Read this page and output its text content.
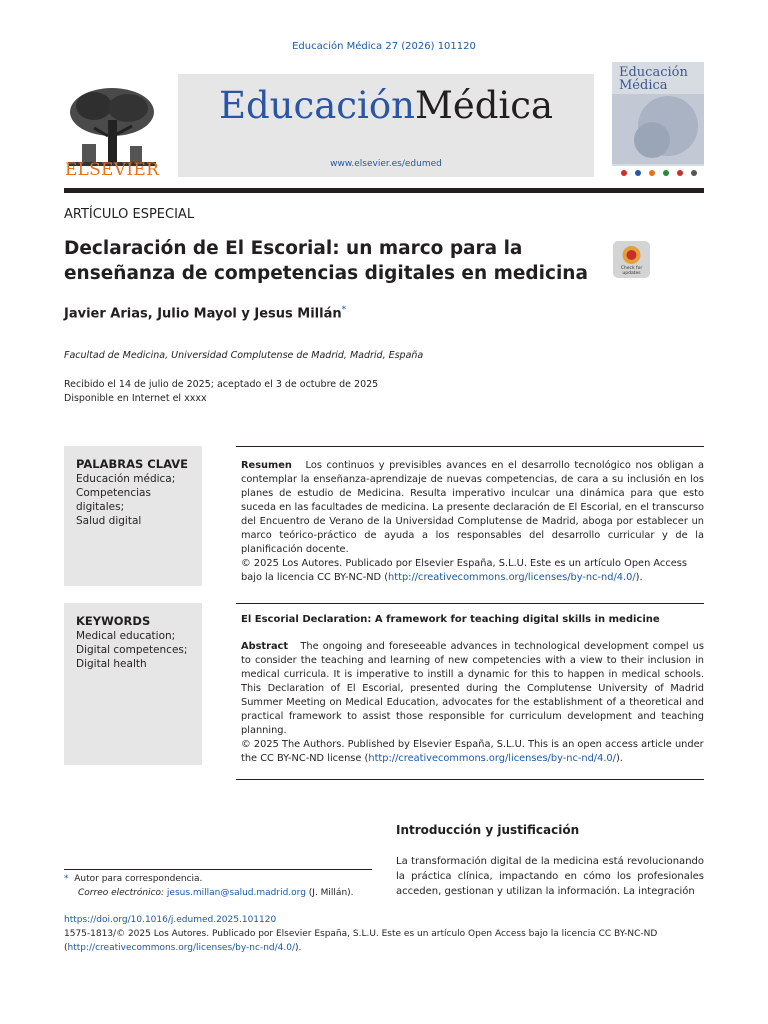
Educación Médica 27 (2026) 101120
ELSEVIER
EducaciónMédica
www.elsevier.es/edumed
Educación
Médica
ARTÍCULO ESPECIAL
Declaración de El Escorial: un marco para la enseñanza de competencias digitales en medicina	Check for updates
Javier Arias, Julio Mayol y Jesus Millán*
Facultad de Medicina, Universidad Complutense de Madrid, Madrid, España
Recibido el 14 de julio de 2025; aceptado el 3 de octubre de 2025
Disponible en Internet el xxxx
PALABRAS CLAVE
Educación médica;
Competencias
digitales;
Salud digital
Resumen Los continuos y previsibles avances en el desarrollo tecnológico nos obligan a contemplar la enseñanza-aprendizaje de nuevas competencias, de cara a su inclusión en los planes de estudio de Medicina. Resulta imperativo inculcar una dinámica para que esto suceda en las facultades de medicina. La presente declaración de El Escorial, en el transcurso del Encuentro de Verano de la Universidad Complutense de Madrid, aboga por establecer un marco teórico-práctico de ayuda a los responsables del desarrollo curricular y de la planificación docente.
© 2025 Los Autores. Publicado por Elsevier España, S.L.U. Este es un artículo Open Access bajo la licencia CC BY-NC-ND (http://creativecommons.org/licenses/by-nc-nd/4.0/).
KEYWORDS
Medical education;
Digital competences;
Digital health
El Escorial Declaration: A framework for teaching digital skills in medicine
Abstract The ongoing and foreseeable advances in technological development compel us to consider the teaching and learning of new competencies with a view to their inclusion in medical curricula. It is imperative to instill a dynamic for this to happen in medical schools. This Declaration of El Escorial, presented during the Complutense University of Madrid Summer Meeting on Medical Education, advocates for the establishment of a theoretical and practical framework to assist those responsible for curriculum development and teaching planning.
© 2025 The Authors. Published by Elsevier España, S.L.U. This is an open access article under the CC BY-NC-ND license (http://creativecommons.org/licenses/by-nc-nd/4.0/).
Introducción y justificación
La transformación digital de la medicina está revolucionando la práctica clínica, impactando en cómo los profesionales acceden, gestionan y utilizan la información. La integración
* Autor para correspondencia.
Correo electrónico: jesus.millan@salud.madrid.org (J. Millán).
https://doi.org/10.1016/j.edumed.2025.101120
1575-1813/© 2025 Los Autores. Publicado por Elsevier España, S.L.U. Este es un artículo Open Access bajo la licencia CC BY-NC-ND (http://creativecommons.org/licenses/by-nc-nd/4.0/).
